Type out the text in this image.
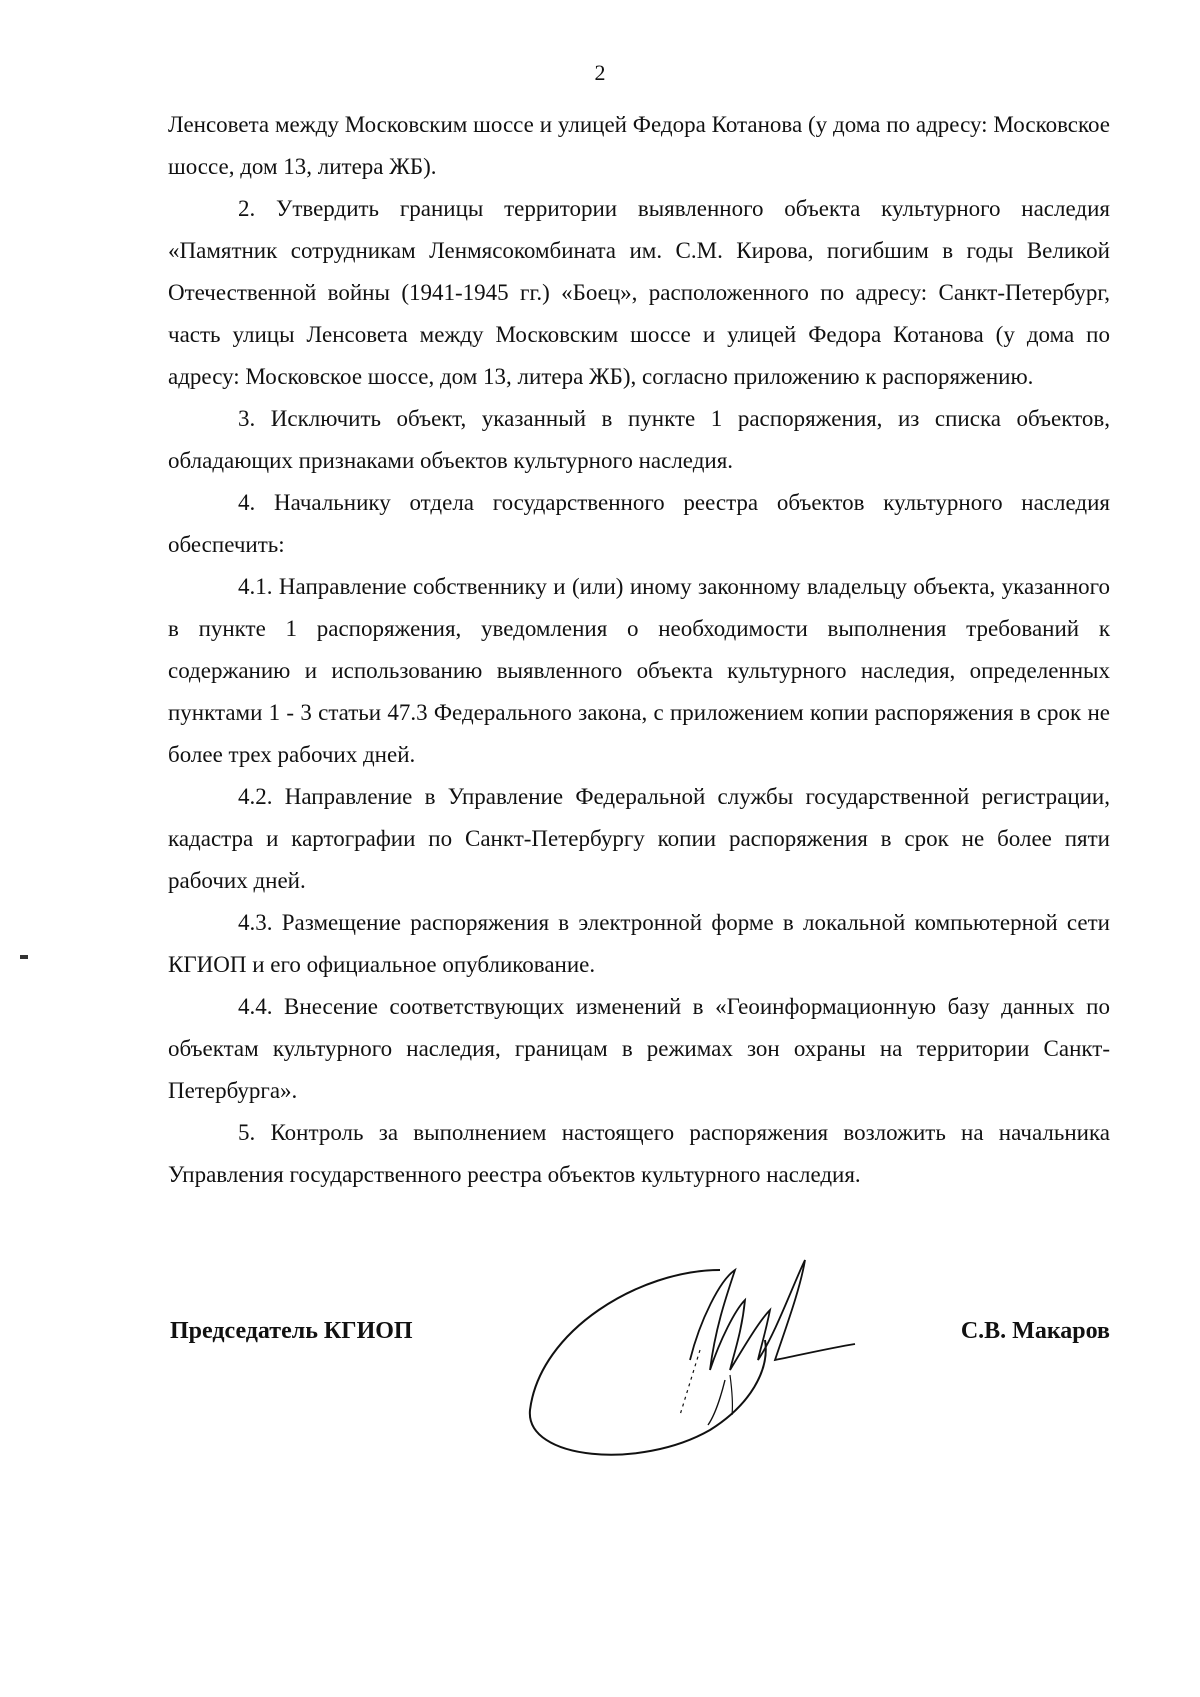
2

Ленсовета между Московским шоссе и улицей Федора Котанова (у дома по адресу: Московское шоссе, дом 13, литера ЖБ).

2. Утвердить границы территории выявленного объекта культурного наследия «Памятник сотрудникам Ленмясокомбината им. С.М. Кирова, погибшим в годы Великой Отечественной войны (1941-1945 гг.) «Боец», расположенного по адресу: Санкт-Петербург, часть улицы Ленсовета между Московским шоссе и улицей Федора Котанова (у дома по адресу: Московское шоссе, дом 13, литера ЖБ), согласно приложению к распоряжению.

3. Исключить объект, указанный в пункте 1 распоряжения, из списка объектов, обладающих признаками объектов культурного наследия.

4. Начальнику отдела государственного реестра объектов культурного наследия обеспечить:

4.1. Направление собственнику и (или) иному законному владельцу объекта, указанного в пункте 1 распоряжения, уведомления о необходимости выполнения требований к содержанию и использованию выявленного объекта культурного наследия, определенных пунктами 1 - 3 статьи 47.3 Федерального закона, с приложением копии распоряжения в срок не более трех рабочих дней.

4.2. Направление в Управление Федеральной службы государственной регистрации, кадастра и картографии по Санкт-Петербургу копии распоряжения в срок не более пяти рабочих дней.

4.3. Размещение распоряжения в электронной форме в локальной компьютерной сети КГИОП и его официальное опубликование.

4.4. Внесение соответствующих изменений в «Геоинформационную базу данных по объектам культурного наследия, границам в режимах зон охраны на территории Санкт-Петербурга».

5. Контроль за выполнением настоящего распоряжения возложить на начальника Управления государственного реестра объектов культурного наследия.

Председатель КГИОП	С.В. Макаров
